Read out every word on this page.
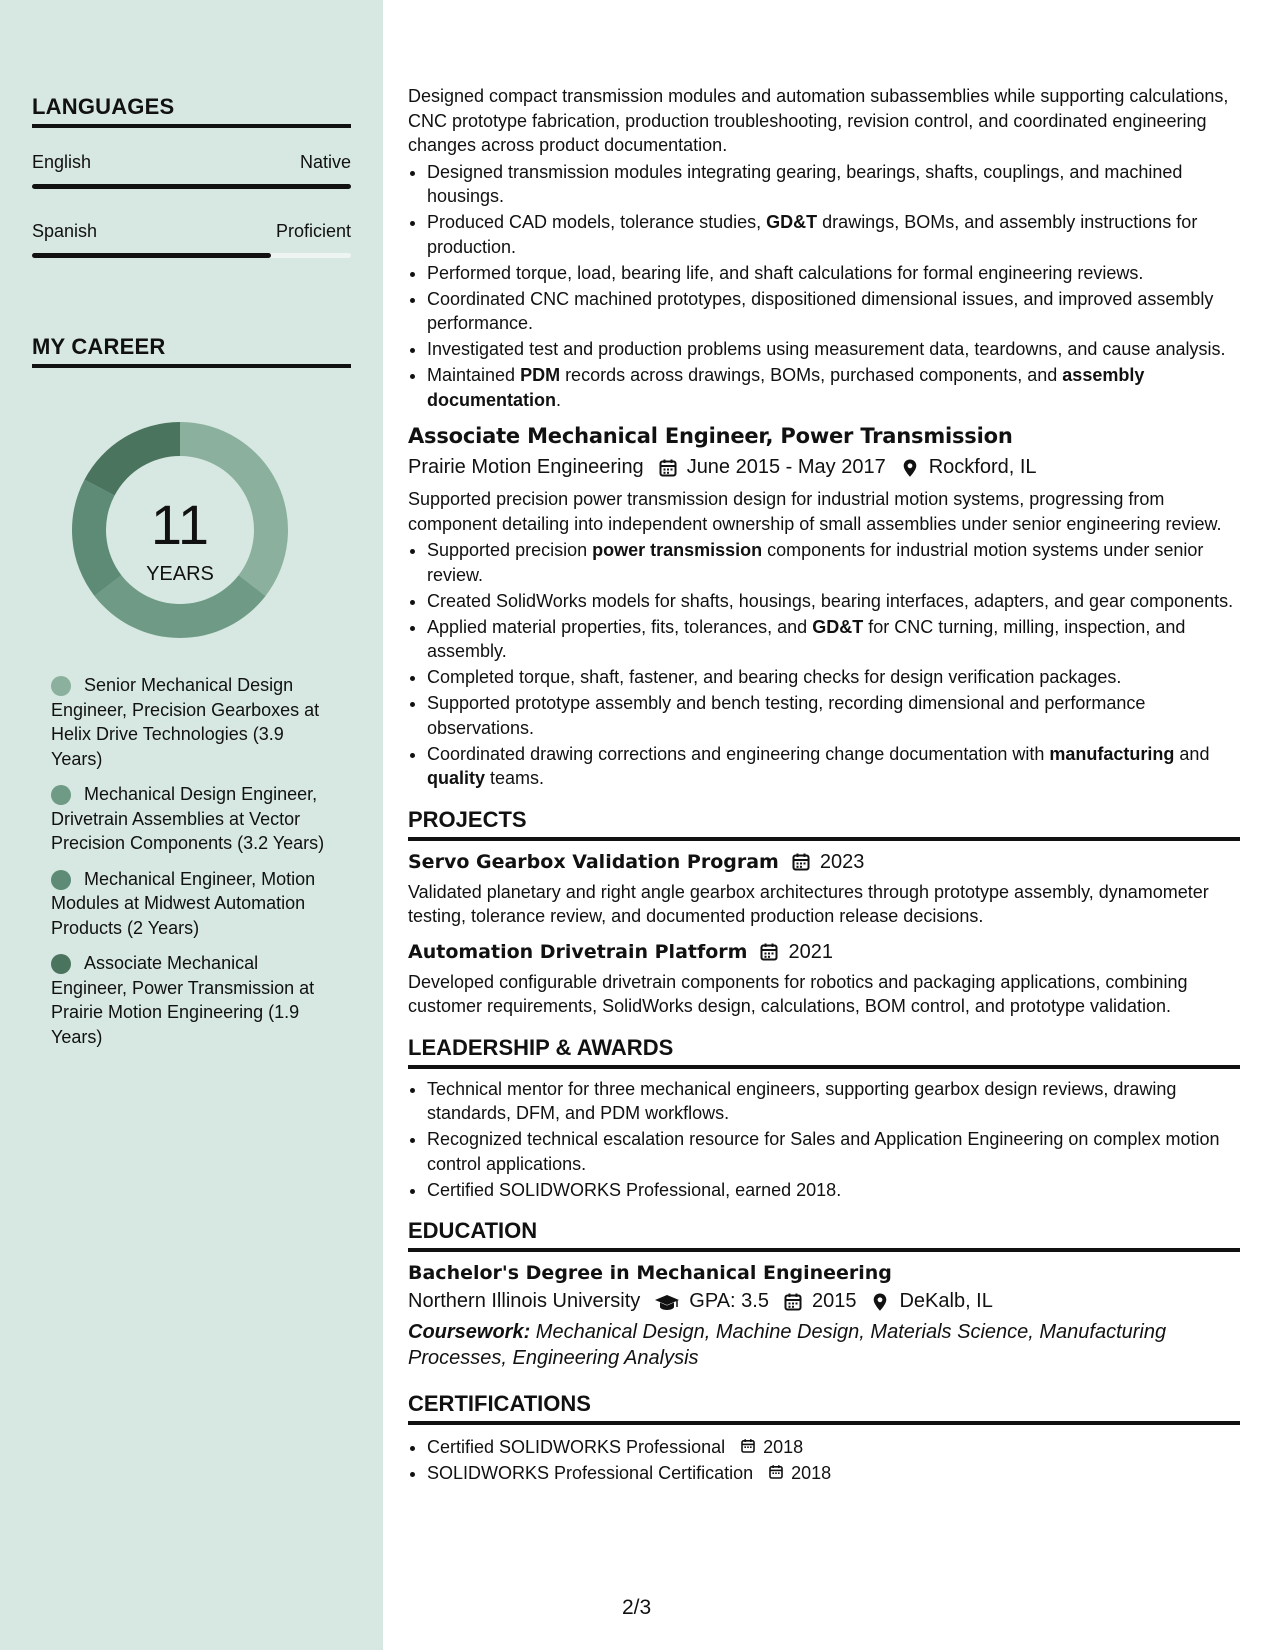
LANGUAGES
English	Native
Spanish	Proficient
MY CAREER
11
YEARS
Senior Mechanical Design Engineer, Precision Gearboxes at Helix Drive Technologies (3.9 Years)
Mechanical Design Engineer, Drivetrain Assemblies at Vector Precision Components (3.2 Years)
Mechanical Engineer, Motion Modules at Midwest Automation Products (2 Years)
Associate Mechanical Engineer, Power Transmission at Prairie Motion Engineering (1.9 Years)

Designed compact transmission modules and automation subassemblies while supporting calculations, CNC prototype fabrication, production troubleshooting, revision control, and coordinated engineering changes across product documentation.

• Designed transmission modules integrating gearing, bearings, shafts, couplings, and machined housings.
• Produced CAD models, tolerance studies, GD&T drawings, BOMs, and assembly instructions for production.
• Performed torque, load, bearing life, and shaft calculations for formal engineering reviews.
• Coordinated CNC machined prototypes, dispositioned dimensional issues, and improved assembly performance.
• Investigated test and production problems using measurement data, teardowns, and cause analysis.
• Maintained PDM records across drawings, BOMs, purchased components, and assembly documentation.
Associate Mechanical Engineer, Power Transmission
Prairie Motion Engineering June 2015 - May 2017 Rockford, IL

Supported precision power transmission design for industrial motion systems, progressing from component detailing into independent ownership of small assemblies under senior engineering review.

• Supported precision power transmission components for industrial motion systems under senior review.
• Created SolidWorks models for shafts, housings, bearing interfaces, adapters, and gear components.
• Applied material properties, fits, tolerances, and GD&T for CNC turning, milling, inspection, and assembly.
• Completed torque, shaft, fastener, and bearing checks for design verification packages.
• Supported prototype assembly and bench testing, recording dimensional and performance observations.
• Coordinated drawing corrections and engineering change documentation with manufacturing and quality teams.
PROJECTS
Servo Gearbox Validation Program 2023

Validated planetary and right angle gearbox architectures through prototype assembly, dynamometer testing, tolerance review, and documented production release decisions.

Automation Drivetrain Platform 2021

Developed configurable drivetrain components for robotics and packaging applications, combining customer requirements, SolidWorks design, calculations, BOM control, and prototype validation.

LEADERSHIP & AWARDS
• Technical mentor for three mechanical engineers, supporting gearbox design reviews, drawing standards, DFM, and PDM workflows.
• Recognized technical escalation resource for Sales and Application Engineering on complex motion control applications.
• Certified SOLIDWORKS Professional, earned 2018.
EDUCATION
Bachelor's Degree in Mechanical Engineering
Northern Illinois University GPA: 3.5 2015 DeKalb, IL
Coursework: Mechanical Design, Machine Design, Materials Science, Manufacturing Processes, Engineering Analysis
CERTIFICATIONS
• Certified SOLIDWORKS Professional 2018
• SOLIDWORKS Professional Certification 2018
2/3
